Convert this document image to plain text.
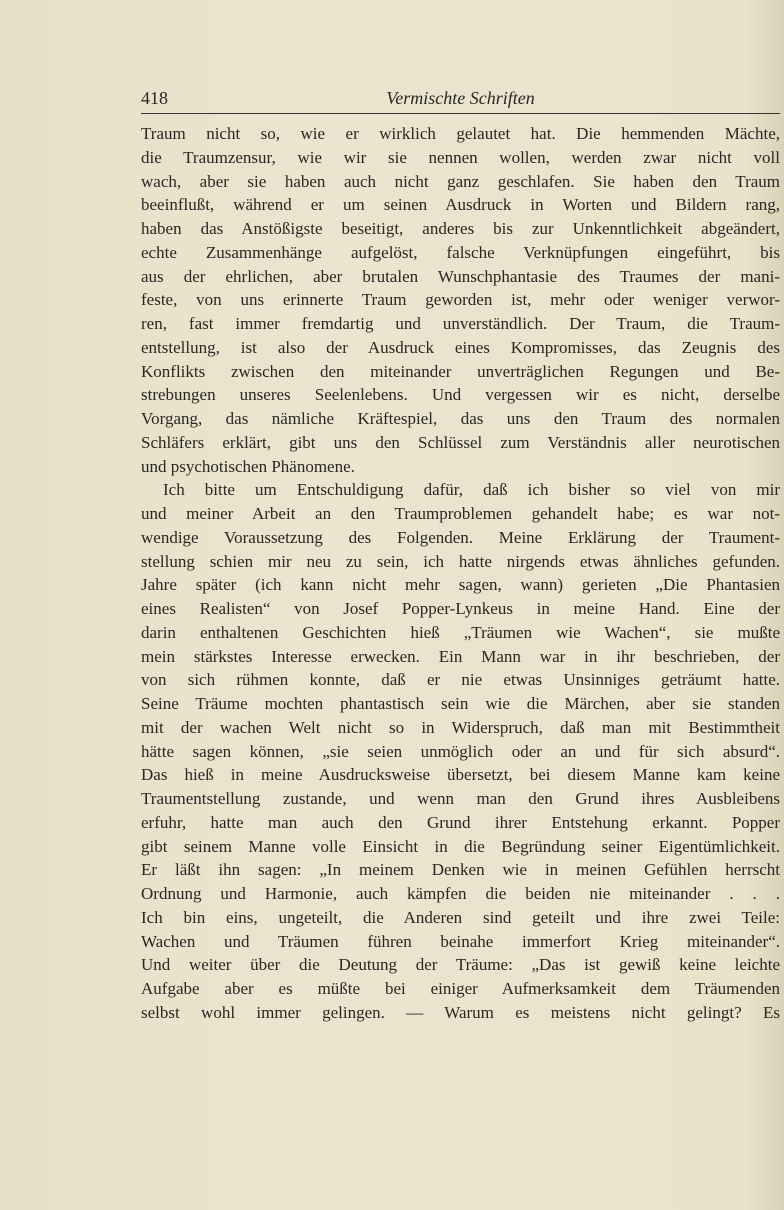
418	Vermischte Schriften
Traum nicht so, wie er wirklich gelautet hat. Die hemmenden Mächte,
die Traumzensur, wie wir sie nennen wollen, werden zwar nicht voll
wach, aber sie haben auch nicht ganz geschlafen. Sie haben den Traum
beeinflußt, während er um seinen Ausdruck in Worten und Bildern rang,
haben das Anstößigste beseitigt, anderes bis zur Unkenntlichkeit abgeändert,
echte Zusammenhänge aufgelöst, falsche Verknüpfungen eingeführt, bis
aus der ehrlichen, aber brutalen Wunschphantasie des Traumes der mani-
feste, von uns erinnerte Traum geworden ist, mehr oder weniger verwor-
ren, fast immer fremdartig und unverständlich. Der Traum, die Traum-
entstellung, ist also der Ausdruck eines Kompromisses, das Zeugnis des
Konflikts zwischen den miteinander unverträglichen Regungen und Be-
strebungen unseres Seelenlebens. Und vergessen wir es nicht, derselbe
Vorgang, das nämliche Kräftespiel, das uns den Traum des normalen
Schläfers erklärt, gibt uns den Schlüssel zum Verständnis aller neurotischen
und psychotischen Phänomene.
Ich bitte um Entschuldigung dafür, daß ich bisher so viel von mir
und meiner Arbeit an den Traumproblemen gehandelt habe; es war not-
wendige Voraussetzung des Folgenden. Meine Erklärung der Traument-
stellung schien mir neu zu sein, ich hatte nirgends etwas ähnliches gefunden.
Jahre später (ich kann nicht mehr sagen, wann) gerieten „Die Phantasien
eines Realisten“ von Josef Popper-Lynkeus in meine Hand. Eine der
darin enthaltenen Geschichten hieß „Träumen wie Wachen“, sie mußte
mein stärkstes Interesse erwecken. Ein Mann war in ihr beschrieben, der
von sich rühmen konnte, daß er nie etwas Unsinniges geträumt hatte.
Seine Träume mochten phantastisch sein wie die Märchen, aber sie standen
mit der wachen Welt nicht so in Widerspruch, daß man mit Bestimmtheit
hätte sagen können, „sie seien unmöglich oder an und für sich absurd“.
Das hieß in meine Ausdrucksweise übersetzt, bei diesem Manne kam keine
Traumentstellung zustande, und wenn man den Grund ihres Ausbleibens
erfuhr, hatte man auch den Grund ihrer Entstehung erkannt. Popper
gibt seinem Manne volle Einsicht in die Begründung seiner Eigentümlichkeit.
Er läßt ihn sagen: „In meinem Denken wie in meinen Gefühlen herrscht
Ordnung und Harmonie, auch kämpfen die beiden nie miteinander . . .
Ich bin eins, ungeteilt, die Anderen sind geteilt und ihre zwei Teile:
Wachen und Träumen führen beinahe immerfort Krieg miteinander“.
Und weiter über die Deutung der Träume: „Das ist gewiß keine leichte
Aufgabe aber es müßte bei einiger Aufmerksamkeit dem Träumenden
selbst wohl immer gelingen. — Warum es meistens nicht gelingt? Es
